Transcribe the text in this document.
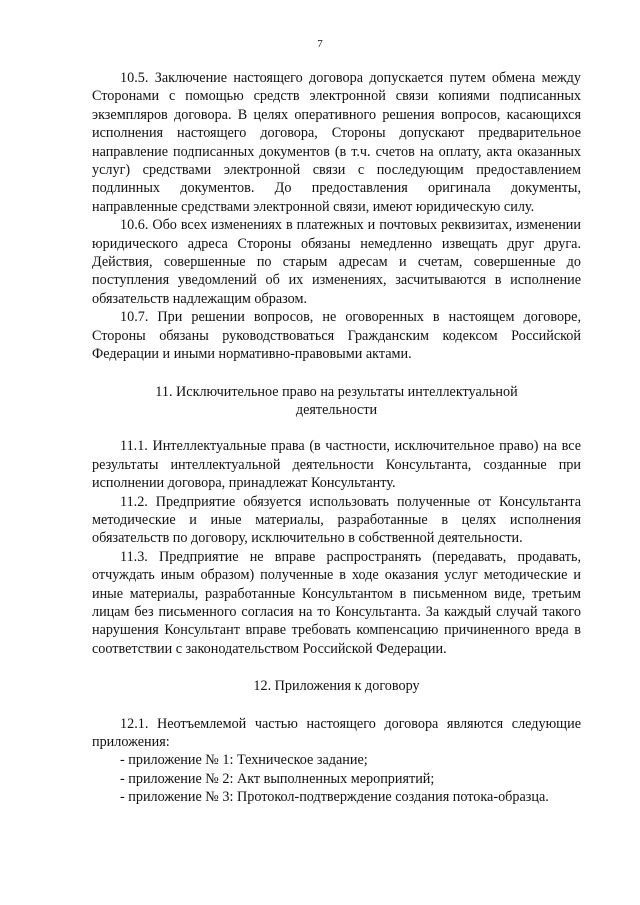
7

10.5. Заключение настоящего договора допускается путем обмена между Сторонами с помощью средств электронной связи копиями подписанных экземпляров договора. В целях оперативного решения вопросов, касающихся исполнения настоящего договора, Стороны допускают предварительное направление подписанных документов (в т.ч. счетов на оплату, акта оказанных услуг) средствами электронной связи с последующим предоставлением подлинных документов. До предоставления оригинала документы, направленные средствами электронной связи, имеют юридическую силу.

10.6. Обо всех изменениях в платежных и почтовых реквизитах, изменении юридического адреса Стороны обязаны немедленно извещать друг друга. Действия, совершенные по старым адресам и счетам, совершенные до поступления уведомлений об их изменениях, засчитываются в исполнение обязательств надлежащим образом.

10.7. При решении вопросов, не оговоренных в настоящем договоре, Стороны обязаны руководствоваться Гражданским кодексом Российской Федерации и иными нормативно-правовыми актами.

11. Исключительное право на результаты интеллектуальной
деятельности

11.1. Интеллектуальные права (в частности, исключительное право) на все результаты интеллектуальной деятельности Консультанта, созданные при исполнении договора, принадлежат Консультанту.

11.2. Предприятие обязуется использовать полученные от Консультанта методические и иные материалы, разработанные в целях исполнения обязательств по договору, исключительно в собственной деятельности.

11.3. Предприятие не вправе распространять (передавать, продавать, отчуждать иным образом) полученные в ходе оказания услуг методические и иные материалы, разработанные Консультантом в письменном виде, третьим лицам без письменного согласия на то Консультанта. За каждый случай такого нарушения Консультант вправе требовать компенсацию причиненного вреда в соответствии с законодательством Российской Федерации.

12. Приложения к договору

12.1. Неотъемлемой частью настоящего договора являются следующие приложения:

- приложение № 1: Техническое задание;

- приложение № 2: Акт выполненных мероприятий;

- приложение № 3: Протокол-подтверждение создания потока-образца.
